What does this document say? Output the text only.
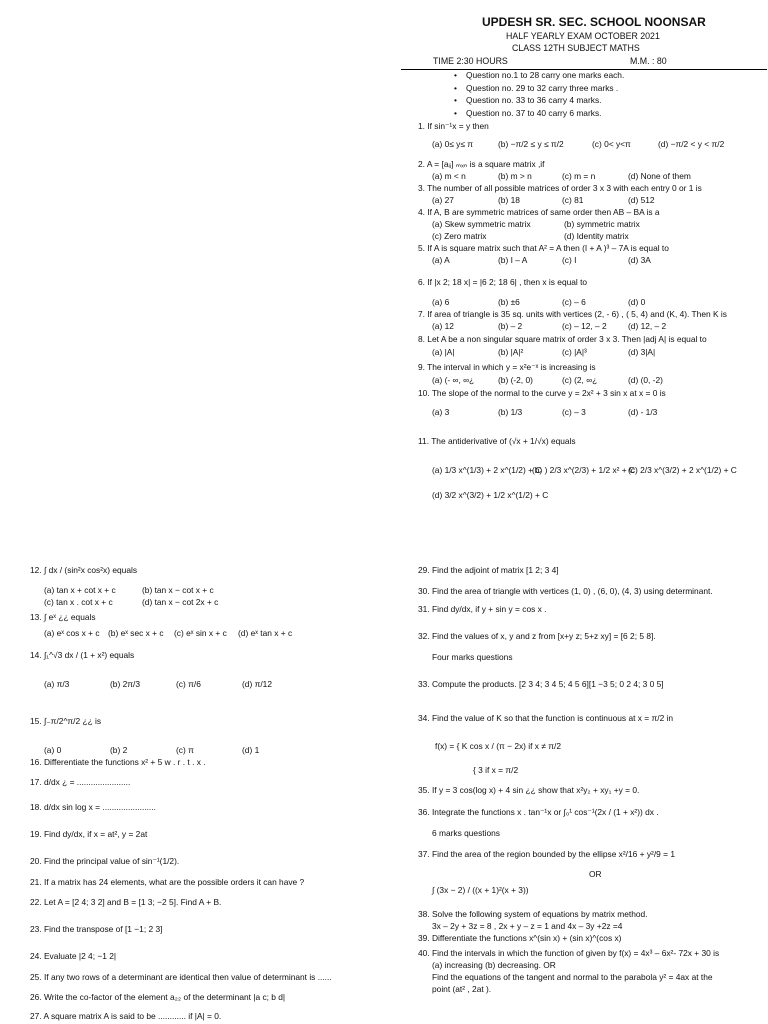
UPDESH SR. SEC. SCHOOL NOONSAR
HALF YEARLY EXAM OCTOBER 2021
CLASS 12TH SUBJECT MATHS
TIME 2:30 HOURS	M.M. : 80
• Question no.1 to 28 carry one marks each.
• Question no. 29 to 32 carry three marks .
• Question no. 33 to 36 carry 4 marks.
• Question no. 37 to 40 carry 6 marks.
1. If sin⁻¹x = y then
(a) 0≤ y≤ π	(b) −π/2 ≤ y ≤ π/2	(c) 0< y<π	(d) −π/2 < y < π/2
2. A = [aᵢⱼ] ₘₓₙ is a square matrix ,if
(a) m < n	(b) m > n	(c) m = n	(d) None of them
3. The number of all possible matrices of order 3 x 3 with each entry 0 or 1 is
(a) 27	(b) 18	(c) 81	(d) 512
4. If A, B are symmetric matrices of same order then AB – BA is a
(a) Skew symmetric matrix	(b) symmetric matrix
(c) Zero matrix	(d) Identity matrix
5. If A is square matrix such that A² = A then (I + A )³ – 7A is equal to
(a) A	(b) I – A	(c) I	(d) 3A
6. If |x 2; 18 x| = |6 2; 18 6| , then x is equal to
(a) 6	(b) ±6	(c) – 6	(d) 0
7. If area of triangle is 35 sq. units with vertices (2, - 6) , ( 5, 4) and (K, 4). Then K is
(a) 12	(b) – 2	(c) – 12, – 2	(d) 12, – 2
8. Let A be a non singular square matrix of order 3 x 3. Then |adj A| is equal to
(a) |A|	(b) |A|²	(c) |A|³	(d) 3|A|
9. The interval in which y = x²e⁻ˣ is increasing is
(a) (- ∞, ∞¿	(b) (-2, 0)	(c) (2, ∞¿	(d) (0, -2)
10. The slope of the normal to the curve y = 2x² + 3 sin x at x = 0 is
(a) 3	(b) 1/3	(c) – 3	(d) - 1/3
11. The antiderivative of (√x + 1/√x) equals
(a) 1/3 x^(1/3) + 2 x^(1/2) + C(b) ) 2/3 x^(2/3) + 1/2 x² + C(c) 2/3 x^(3/2) + 2 x^(1/2) + C
(d) 3/2 x^(3/2) + 1/2 x^(1/2) + C
12. ∫ dx / (sin²x cos²x) equals
(a) tan x + cot x + c	(b) tan x − cot x + c
(c) tan x . cot x + c	(d) tan x − cot 2x + c
13. ∫ eˣ ¿¿ equals
(a) eˣ cos x + c (b) eˣ sec x + c (c) eˣ sin x + c (d) eˣ tan x + c
14. ∫₁^√3 dx / (1 + x²) equals
(a) π/3	(b) 2π/3	(c) π/6	(d) π/12
15. ∫₋π/2^π/2 ¿¿ is
(a) 0	(b) 2	(c) π	(d) 1
16. Differentiate the functions x² + 5 w . r . t . x .
17. d/dx ¿ = .......................
18. d/dx sin log x = .......................
19. Find dy/dx, if x = at², y = 2at
20. Find the principal value of sin⁻¹(1/2).
21. If a matrix has 24 elements, what are the possible orders it can have ?
22. Let A = [2 4; 3 2] and B = [1 3; −2 5]. Find A + B.
23. Find the transpose of [1 −1; 2 3]
24. Evaluate |2 4; −1 2|
25. If any two rows of a determinant are identical then value of determinant is ......
26. Write the co-factor of the element a₂₂ of the determinant |a c; b d|
27. A square matrix A is said to be ............ if |A| = 0.
29. Find the adjoint of matrix [1 2; 3 4]
30. Find the area of triangle with vertices (1, 0) , (6, 0), (4, 3) using determinant.
31. Find dy/dx, if y + sin y = cos x .
32. Find the values of x, y and z from [x+y z; 5+z xy] = [6 2; 5 8].
Four marks questions
33. Compute the products. [2 3 4; 3 4 5; 4 5 6][1 −3 5; 0 2 4; 3 0 5]
34. Find the value of K so that the function is continuous at x = π/2 in
f(x) = { K cos x / (π − 2x) if x ≠ π/2
{ 3 if x = π/2
35. If y = 3 cos(log x) + 4 sin ¿¿ show that x²y₂ + xy₁ +y = 0.
36. Integrate the functions x . tan⁻¹x or ∫₀¹ cos⁻¹(2x / (1 + x²)) dx .
6 marks questions
37. Find the area of the region bounded by the ellipse x²/16 + y²/9 = 1
OR
∫ (3x − 2) / ((x + 1)²(x + 3))
38. Solve the following system of equations by matrix method.
3x – 2y + 3z = 8 , 2x + y – z = 1 and 4x – 3y +2z =4
39. Differentiate the functions x^(sin x) + (sin x)^(cos x)
40. Find the intervals in which the function of given by f(x) = 4x³ – 6x²- 72x + 30 is
(a) increasing (b) decreasing. OR
Find the equations of the tangent and normal to the parabola y² = 4ax at the
point (at² , 2at ).
